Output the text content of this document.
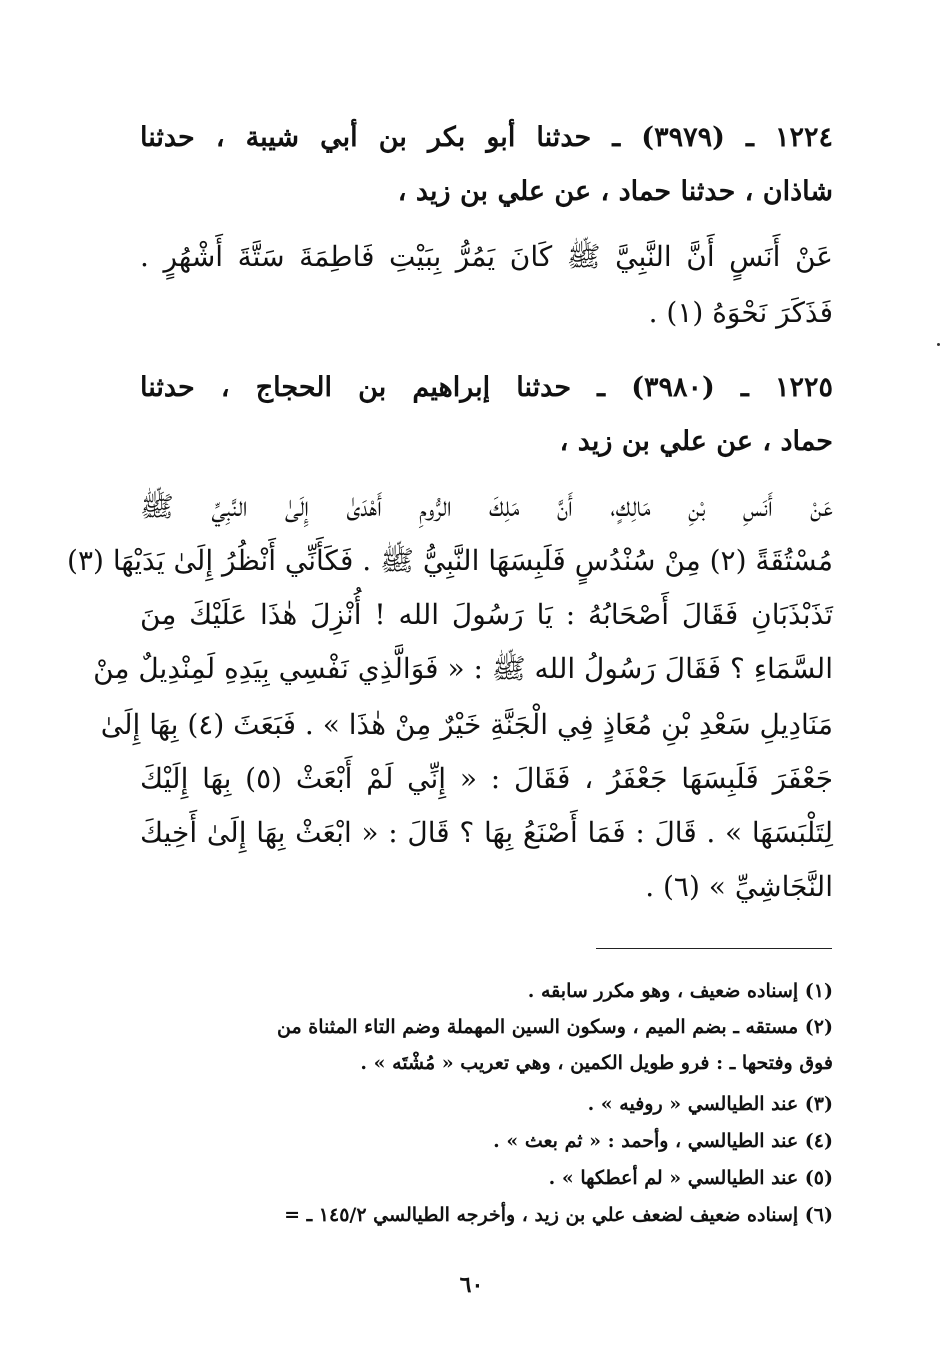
١٢٢٤ ـ (٣٩٧٩) ـ حدثنا أبو بكر بن أبي شيبة ، حدثنا
شاذان ، حدثنا حماد ، عن علي بن زيد ،
عَنْ أَنَسٍ أَنَّ النَّبِيَّ ﷺ كَانَ يَمُرُّ بِبَيْتِ فَاطِمَةَ سَتَّةَ أَشْهُرٍ .
فَذَكَرَ نَحْوَهُ (١) .
١٢٢٥ ـ (٣٩٨٠) ـ حدثنا إبراهيم بن الحجاج ، حدثنا
حماد ، عن علي بن زيد ،
عَنْ أَنَسِ بْنِ مَالِكٍ، أَنَّ مَلِكَ الرُّومِ أَهْدَىٰ إِلَىٰ النَّبِيِّ ﷺ
مُسْتُقَةً (٢) مِنْ سُنْدُسٍ فَلَبِسَهَا النَّبِيُّ ﷺ . فَكَأَنِّي أَنْظُرُ إِلَىٰ يَدَيْهَا (٣)
تَذَبْذَبَانِ فَقَالَ أَصْحَابُهُ : يَا رَسُولَ الله ! أُنْزِلَ هٰذَا عَلَيْكَ مِنَ
السَّمَاءِ ؟ فَقَالَ رَسُولُ الله ﷺ : « فَوَالَّذِي نَفْسِي بِيَدِهِ لَمِنْدِيلٌ مِنْ
مَنَادِيلِ سَعْدِ بْنِ مُعَاذٍ فِي الْجَنَّةِ خَيْرٌ مِنْ هٰذَا » . فَبَعَثَ (٤) بِهَا إِلَىٰ
جَعْفَرَ فَلَبِسَهَا جَعْفَرُ ، فَقَالَ : « إِنِّي لَمْ أَبْعَثْ (٥) بِهَا إِلَيْكَ
لِتَلْبَسَهَا » . قَالَ : فَمَا أَصْنَعُ بِهَا ؟ قَالَ : « ابْعَثْ بِهَا إِلَىٰ أَخِيكَ
النَّجَاشِيِّ » (٦) .
(١) إسناده ضعيف ، وهو مكرر سابقه .
(٢) مستقه ـ بضم الميم ، وسكون السين المهملة وضم التاء المثناة من
فوق وفتحها ـ : فرو طويل الكمين ، وهي تعريب « مُشْتَه » .
(٣) عند الطيالسي « روفيه » .
(٤) عند الطيالسي ، وأحمد : « ثم بعث » .
(٥) عند الطيالسي « لم أعطكها » .
(٦) إسناده ضعيف لضعف علي بن زيد ، وأخرجه الطيالسي ١٤٥/٢ ـ =
٦٠
